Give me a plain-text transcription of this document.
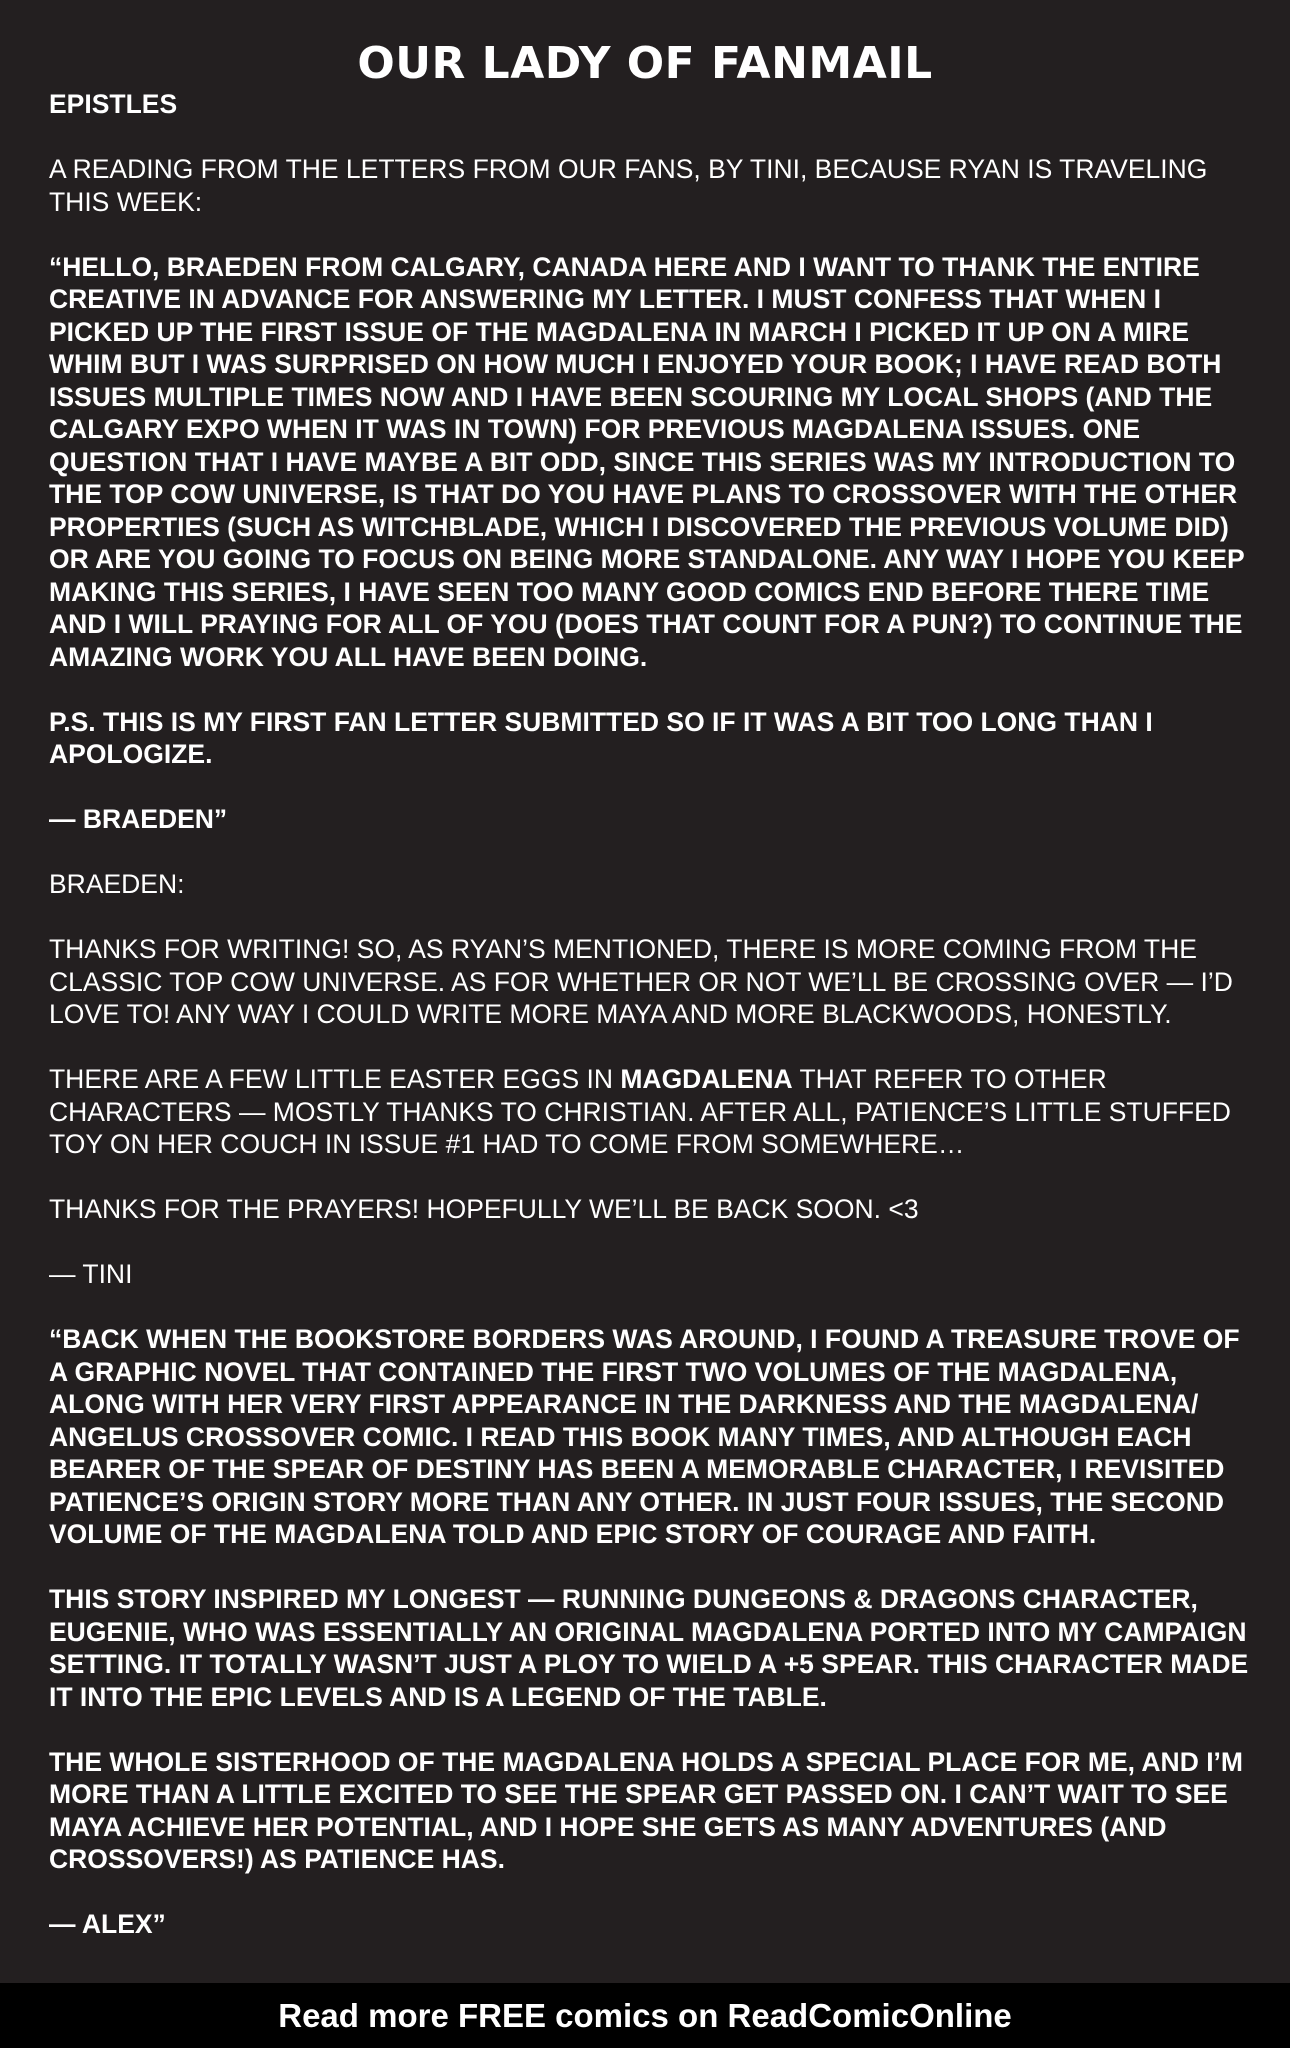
OUR LADY OF FANMAIL

EPISTLES

A READING FROM THE LETTERS FROM OUR FANS, BY TINI, BECAUSE RYAN IS TRAVELING THIS WEEK:

“HELLO, BRAEDEN FROM CALGARY, CANADA HERE AND I WANT TO THANK THE ENTIRE CREATIVE IN ADVANCE FOR ANSWERING MY LETTER. I MUST CONFESS THAT WHEN I PICKED UP THE FIRST ISSUE OF THE MAGDALENA IN MARCH I PICKED IT UP ON A MIRE WHIM BUT I WAS SURPRISED ON HOW MUCH I ENJOYED YOUR BOOK; I HAVE READ BOTH ISSUES MULTIPLE TIMES NOW AND I HAVE BEEN SCOURING MY LOCAL SHOPS (AND THE CALGARY EXPO WHEN IT WAS IN TOWN) FOR PREVIOUS MAGDALENA ISSUES. ONE QUESTION THAT I HAVE MAYBE A BIT ODD, SINCE THIS SERIES WAS MY INTRODUCTION TO THE TOP COW UNIVERSE, IS THAT DO YOU HAVE PLANS TO CROSSOVER WITH THE OTHER PROPERTIES (SUCH AS WITCHBLADE, WHICH I DISCOVERED THE PREVIOUS VOLUME DID) OR ARE YOU GOING TO FOCUS ON BEING MORE STANDALONE. ANY WAY I HOPE YOU KEEP MAKING THIS SERIES, I HAVE SEEN TOO MANY GOOD COMICS END BEFORE THERE TIME AND I WILL PRAYING FOR ALL OF YOU (DOES THAT COUNT FOR A PUN?) TO CONTINUE THE AMAZING WORK YOU ALL HAVE BEEN DOING.

P.S. THIS IS MY FIRST FAN LETTER SUBMITTED SO IF IT WAS A BIT TOO LONG THAN I APOLOGIZE.

— BRAEDEN”

BRAEDEN:

THANKS FOR WRITING! SO, AS RYAN’S MENTIONED, THERE IS MORE COMING FROM THE CLASSIC TOP COW UNIVERSE. AS FOR WHETHER OR NOT WE’LL BE CROSSING OVER — I’D LOVE TO! ANY WAY I COULD WRITE MORE MAYA AND MORE BLACKWOODS, HONESTLY.

THERE ARE A FEW LITTLE EASTER EGGS IN MAGDALENA THAT REFER TO OTHER CHARACTERS — MOSTLY THANKS TO CHRISTIAN. AFTER ALL, PATIENCE’S LITTLE STUFFED TOY ON HER COUCH IN ISSUE #1 HAD TO COME FROM SOMEWHERE…

THANKS FOR THE PRAYERS! HOPEFULLY WE’LL BE BACK SOON. <3

— TINI

“BACK WHEN THE BOOKSTORE BORDERS WAS AROUND, I FOUND A TREASURE TROVE OF A GRAPHIC NOVEL THAT CONTAINED THE FIRST TWO VOLUMES OF THE MAGDALENA, ALONG WITH HER VERY FIRST APPEARANCE IN THE DARKNESS AND THE MAGDALENA/ ANGELUS CROSSOVER COMIC. I READ THIS BOOK MANY TIMES, AND ALTHOUGH EACH BEARER OF THE SPEAR OF DESTINY HAS BEEN A MEMORABLE CHARACTER, I REVISITED PATIENCE’S ORIGIN STORY MORE THAN ANY OTHER. IN JUST FOUR ISSUES, THE SECOND VOLUME OF THE MAGDALENA TOLD AND EPIC STORY OF COURAGE AND FAITH.

THIS STORY INSPIRED MY LONGEST — RUNNING DUNGEONS & DRAGONS CHARACTER, EUGENIE, WHO WAS ESSENTIALLY AN ORIGINAL MAGDALENA PORTED INTO MY CAMPAIGN SETTING. IT TOTALLY WASN’T JUST A PLOY TO WIELD A +5 SPEAR. THIS CHARACTER MADE IT INTO THE EPIC LEVELS AND IS A LEGEND OF THE TABLE.

THE WHOLE SISTERHOOD OF THE MAGDALENA HOLDS A SPECIAL PLACE FOR ME, AND I’M MORE THAN A LITTLE EXCITED TO SEE THE SPEAR GET PASSED ON. I CAN’T WAIT TO SEE MAYA ACHIEVE HER POTENTIAL, AND I HOPE SHE GETS AS MANY ADVENTURES (AND CROSSOVERS!) AS PATIENCE HAS.

— ALEX”

Read more FREE comics on ReadComicOnline
